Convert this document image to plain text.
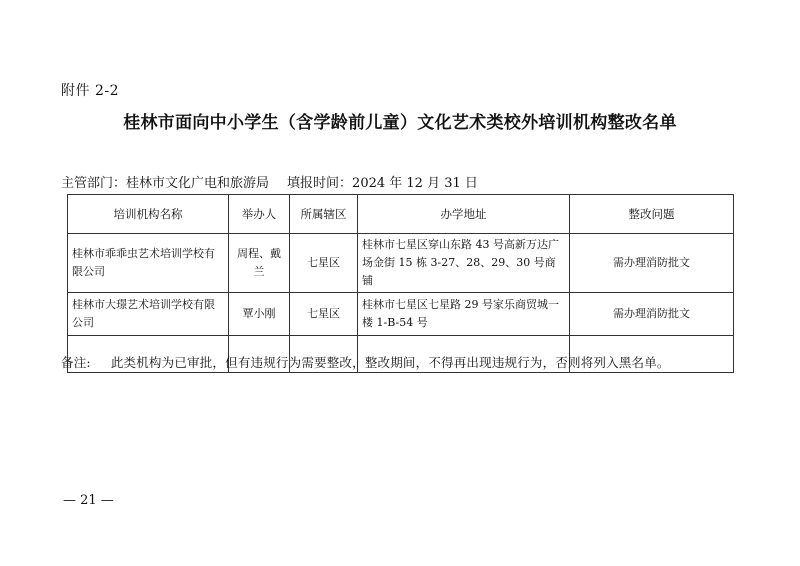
附件 2-2
桂林市面向中小学生（含学龄前儿童）文化艺术类校外培训机构整改名单
主管部门：桂林市文化广电和旅游局 填报时间：2024 年 12 月 31 日
培训机构名称	举办人	所属辖区	办学地址	整改问题
桂林市乖乖虫艺术培训学校有限公司	周程、戴兰	七星区	桂林市七星区穿山东路 43 号高新万达广场金街 15 栋 3-27、28、29、30 号商铺	需办理消防批文
桂林市大璟艺术培训学校有限公司	覃小刚	七星区	桂林市七星区七星路 29 号家乐商贸城一楼 1-B-54 号	需办理消防批文

备注: 此类机构为已审批，但有违规行为需要整改，整改期间，不得再出现违规行为，否则将列入黑名单。
— 21 —
